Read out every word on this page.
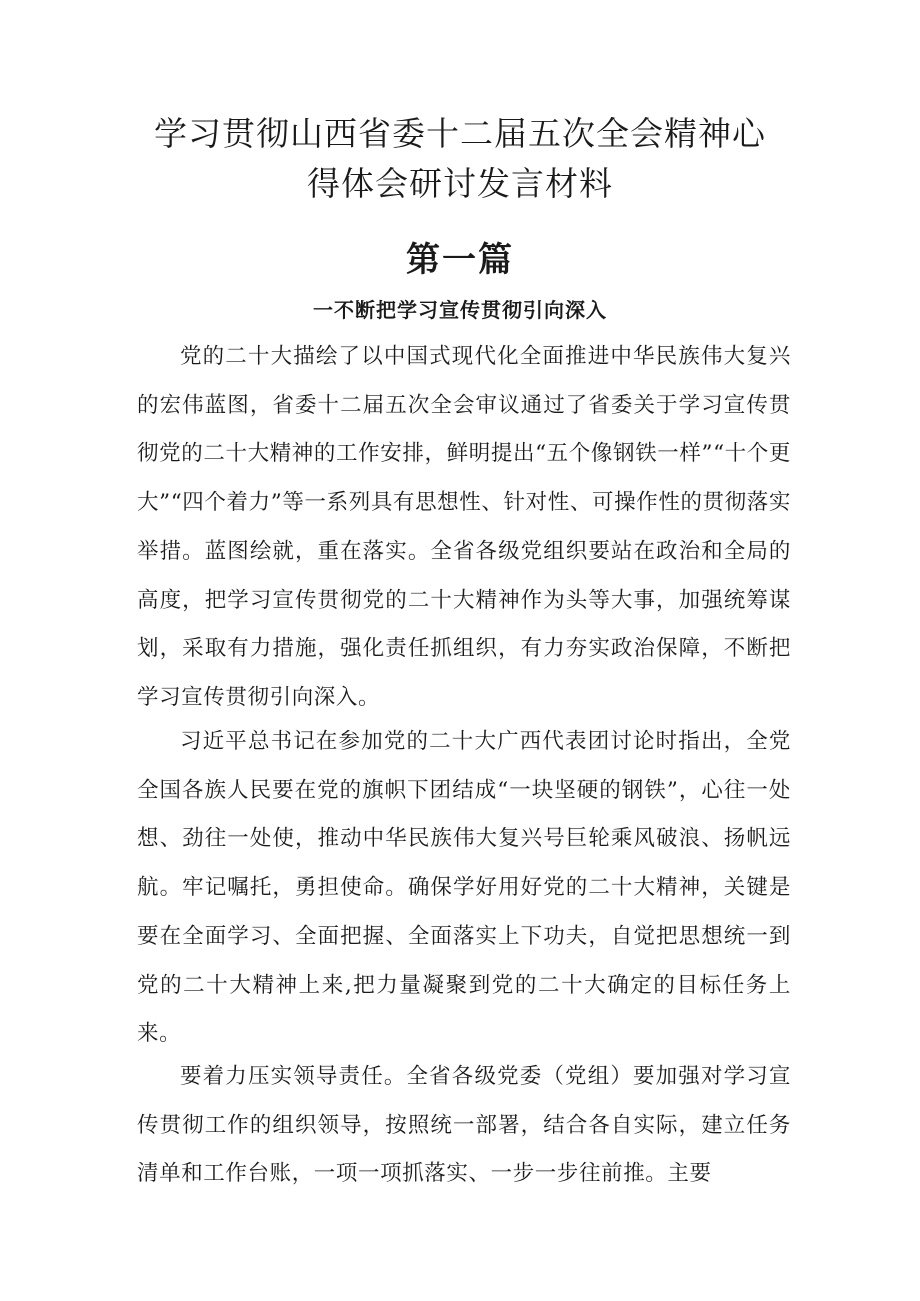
学习贯彻山西省委十二届五次全会精神心
得体会研讨发言材料
第一篇
一不断把学习宣传贯彻引向深入

党的二十大描绘了以中国式现代化全面推进中华民族伟大复兴的宏伟蓝图，省委十二届五次全会审议通过了省委关于学习宣传贯彻党的二十大精神的工作安排，鲜明提出“五个像钢铁一样”“十个更大”“四个着力”等一系列具有思想性、针对性、可操作性的贯彻落实举措。蓝图绘就，重在落实。全省各级党组织要站在政治和全局的高度，把学习宣传贯彻党的二十大精神作为头等大事，加强统筹谋划，采取有力措施，强化责任抓组织，有力夯实政治保障，不断把学习宣传贯彻引向深入。

习近平总书记在参加党的二十大广西代表团讨论时指出，全党全国各族人民要在党的旗帜下团结成“一块坚硬的钢铁”，心往一处想、劲往一处使，推动中华民族伟大复兴号巨轮乘风破浪、扬帆远航。牢记嘱托，勇担使命。确保学好用好党的二十大精神，关键是要在全面学习、全面把握、全面落实上下功夫，自觉把思想统一到党的二十大精神上来,把力量凝聚到党的二十大确定的目标任务上来。

要着力压实领导责任。全省各级党委（党组）要加强对学习宣传贯彻工作的组织领导，按照统一部署，结合各自实际，建立任务清单和工作台账，一项一项抓落实、一步一步往前推。主要
